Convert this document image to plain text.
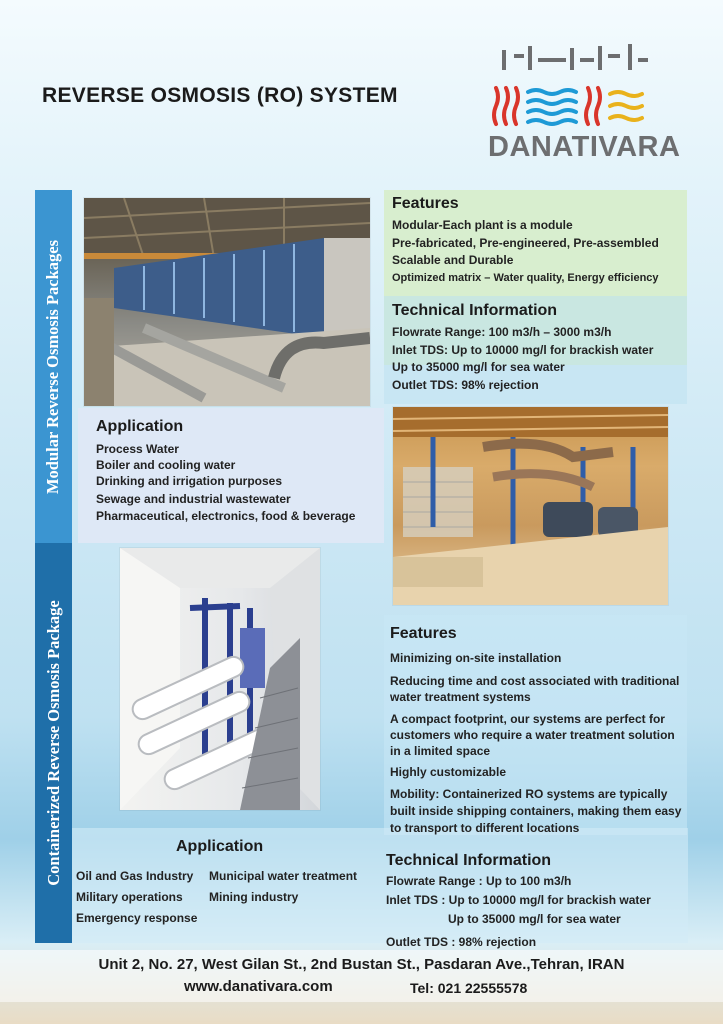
REVERSE OSMOSIS (RO) SYSTEM
DANATIVARA
Modular Reverse Osmosis Packages
Containerized Reverse Osmosis Package
Features
Modular-Each plant is a module
Pre-fabricated, Pre-engineered, Pre-assembled
Scalable and Durable
Optimized matrix – Water quality, Energy efficiency
Technical Information
Flowrate Range: 100 m3/h – 3000 m3/h
Inlet TDS: Up to 10000 mg/l for brackish water
Up to 35000 mg/l for sea water
Outlet TDS: 98% rejection
Application
Process Water
Boiler and cooling water
Drinking and irrigation purposes
Sewage and industrial wastewater
Pharmaceutical, electronics, food & beverage
Features
Minimizing on-site installation
Reducing time and cost associated with traditional water treatment systems
A compact footprint, our systems are perfect for customers who require a water treatment solution in a limited space
Highly customizable
Mobility: Containerized RO systems are typically built inside shipping containers, making them easy to transport to different locations
Application
Oil and Gas Industry
Military operations
Emergency response
Municipal water treatment
Mining industry
Technical Information
Flowrate Range : Up to 100 m3/h
Inlet TDS : Up to 10000 mg/l for brackish water
Up to 35000 mg/l for sea water
Outlet TDS : 98% rejection
Unit 2, No. 27, West Gilan St., 2nd Bustan St., Pasdaran Ave.,Tehran, IRAN
www.danativara.com	Tel: 021 22555578
